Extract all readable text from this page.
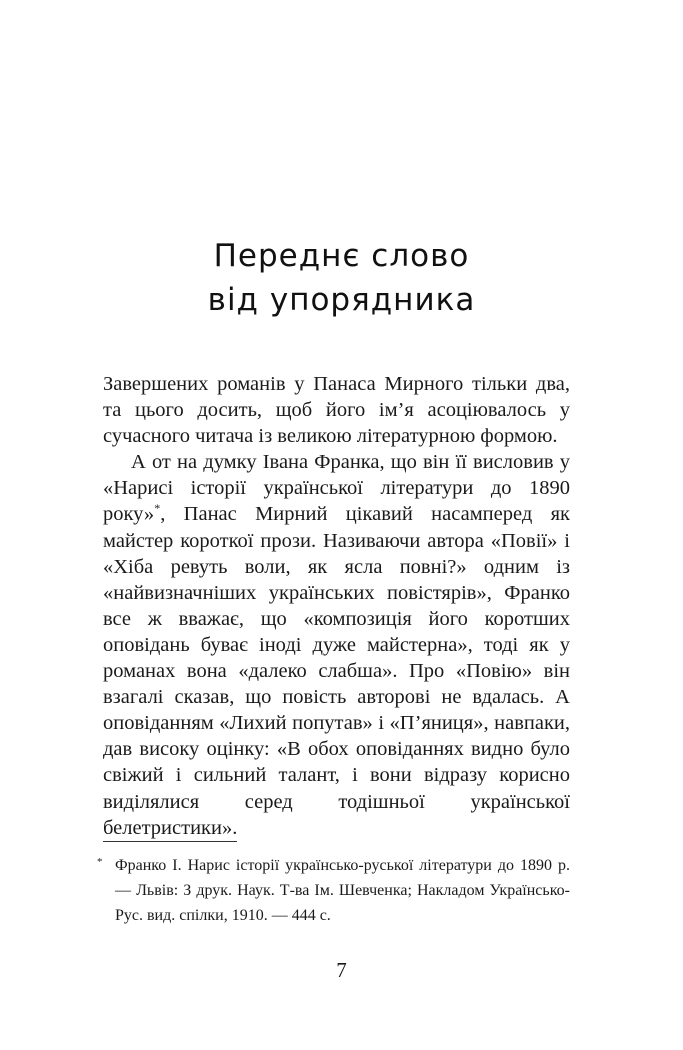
Переднє слово
від упорядника

Завершених романів у Панаса Мирного тільки два, та цього досить, щоб його ім’я асоціювалось у сучасного читача із великою літературною формою.

А от на думку Івана Франка, що він її висловив у «Нарисі історії української літератури до 1890 року»*, Панас Мирний цікавий насамперед як майстер короткої прози. Називаючи автора «Повії» і «Хіба ревуть воли, як ясла повні?» одним із «найвизначніших українських повістярів», Франко все ж вважає, що «композиція його коротших оповідань буває іноді дуже майстерна», тоді як у романах вона «далеко слабша». Про «Повію» він взагалі сказав, що повість авторові не вдалась. А оповіданням «Лихий попутав» і «П’яниця», навпаки, дав високу оцінку: «В обох оповіданнях видно було свіжий і сильний талант, і вони відразу корисно виділялися серед тодішньої української белетристики».

* Франко І. Нарис історії українсько-руської літератури до 1890 р. — Львів: З друк. Наук. Т-ва Ім. Шевченка; Накладом Українсько-Рус. вид. спілки, 1910. — 444 с.
7
